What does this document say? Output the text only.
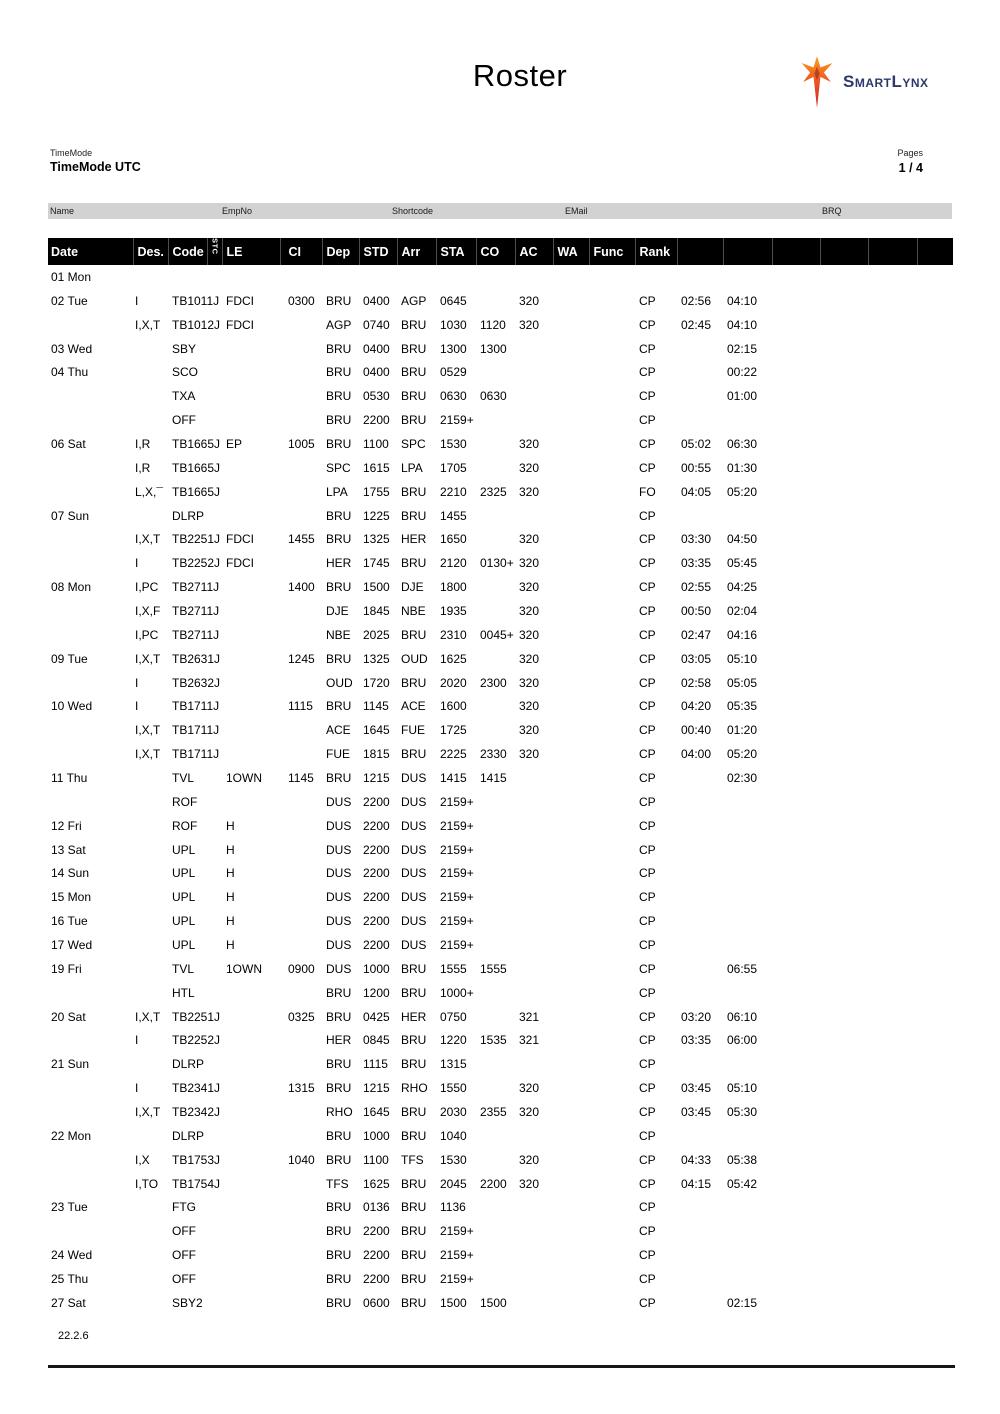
Roster	SmartLynx
TimeMode
TimeMode UTC
Pages
1 / 4
Name	EmpNo	Shortcode	EMail	BRQ
Date	Des.	Code	STC	LE	CI	Dep	STD	Arr	STA	CO	AC	WA	Func	Rank						
01 Mon																				
02 Tue	I	TB1011J		FDCI	0300	BRU	0400	AGP	0645		320			CP	02:56	04:10				
	I,X,T	TB1012J		FDCI		AGP	0740	BRU	1030	1120	320			CP	02:45	04:10				
03 Wed		SBY				BRU	0400	BRU	1300	1300				CP		02:15				
04 Thu		SCO				BRU	0400	BRU	0529					CP		00:22				
		TXA				BRU	0530	BRU	0630	0630				CP		01:00				
		OFF				BRU	2200	BRU	2159+					CP						
06 Sat	I,R	TB1665J		EP	1005	BRU	1100	SPC	1530		320			CP	05:02	06:30				
	I,R	TB1665J				SPC	1615	LPA	1705		320			CP	00:55	01:30				
	L,X,¯	TB1665J				LPA	1755	BRU	2210	2325	320			FO	04:05	05:20				
07 Sun		DLRP				BRU	1225	BRU	1455					CP						
	I,X,T	TB2251J		FDCI	1455	BRU	1325	HER	1650		320			CP	03:30	04:50				
	I	TB2252J		FDCI		HER	1745	BRU	2120	0130+	320			CP	03:35	05:45				
08 Mon	I,PC	TB2711J			1400	BRU	1500	DJE	1800		320			CP	02:55	04:25				
	I,X,F	TB2711J				DJE	1845	NBE	1935		320			CP	00:50	02:04				
	I,PC	TB2711J				NBE	2025	BRU	2310	0045+	320			CP	02:47	04:16				
09 Tue	I,X,T	TB2631J			1245	BRU	1325	OUD	1625		320			CP	03:05	05:10				
	I	TB2632J				OUD	1720	BRU	2020	2300	320			CP	02:58	05:05				
10 Wed	I	TB1711J			1115	BRU	1145	ACE	1600		320			CP	04:20	05:35				
	I,X,T	TB1711J				ACE	1645	FUE	1725		320			CP	00:40	01:20				
	I,X,T	TB1711J				FUE	1815	BRU	2225	2330	320			CP	04:00	05:20				
11 Thu		TVL		1OWN	1145	BRU	1215	DUS	1415	1415				CP		02:30				
		ROF				DUS	2200	DUS	2159+					CP						
12 Fri		ROF		H		DUS	2200	DUS	2159+					CP						
13 Sat		UPL		H		DUS	2200	DUS	2159+					CP						
14 Sun		UPL		H		DUS	2200	DUS	2159+					CP						
15 Mon		UPL		H		DUS	2200	DUS	2159+					CP						
16 Tue		UPL		H		DUS	2200	DUS	2159+					CP						
17 Wed		UPL		H		DUS	2200	DUS	2159+					CP						
19 Fri		TVL		1OWN	0900	DUS	1000	BRU	1555	1555				CP		06:55				
		HTL				BRU	1200	BRU	1000+					CP						
20 Sat	I,X,T	TB2251J			0325	BRU	0425	HER	0750		321			CP	03:20	06:10				
	I	TB2252J				HER	0845	BRU	1220	1535	321			CP	03:35	06:00				
21 Sun		DLRP				BRU	1115	BRU	1315					CP						
	I	TB2341J			1315	BRU	1215	RHO	1550		320			CP	03:45	05:10				
	I,X,T	TB2342J				RHO	1645	BRU	2030	2355	320			CP	03:45	05:30				
22 Mon		DLRP				BRU	1000	BRU	1040					CP						
	I,X	TB1753J			1040	BRU	1100	TFS	1530		320			CP	04:33	05:38				
	I,TO	TB1754J				TFS	1625	BRU	2045	2200	320			CP	04:15	05:42				
23 Tue		FTG				BRU	0136	BRU	1136					CP						
		OFF				BRU	2200	BRU	2159+					CP						
24 Wed		OFF				BRU	2200	BRU	2159+					CP						
25 Thu		OFF				BRU	2200	BRU	2159+					CP						
27 Sat		SBY2				BRU	0600	BRU	1500	1500				CP		02:15				
22.2.6
